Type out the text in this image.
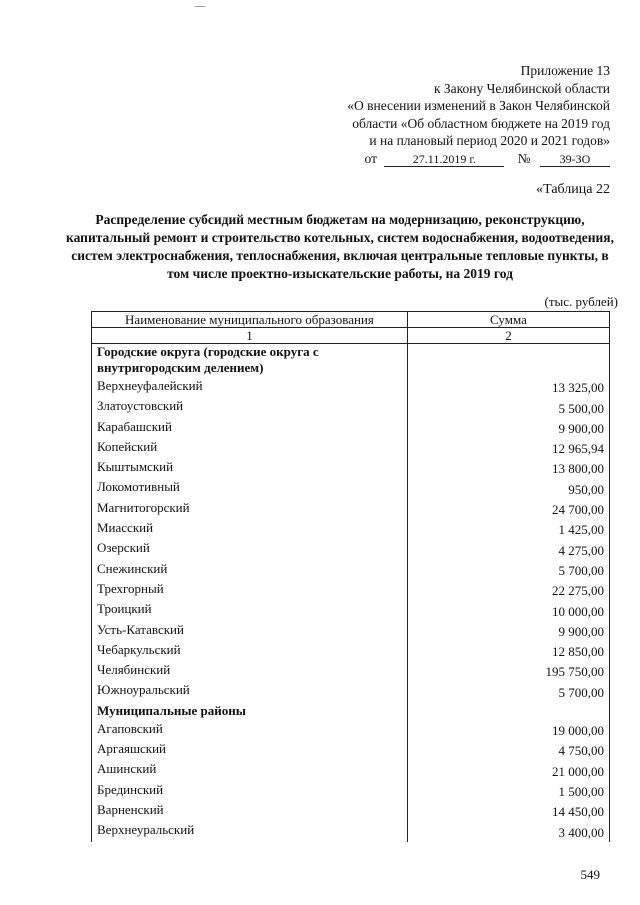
Приложение 13
к Закону Челябинской области
«О внесении изменений в Закон Челябинской
области «Об областном бюджете на 2019 год
и на плановый период 2020 и 2021 годов»
от	27.11.2019 г.	№ 39-ЗО
«Таблица 22
Распределение субсидий местным бюджетам на модернизацию, реконструкцию, капитальный ремонт и строительство котельных, систем водоснабжения, водоотведения, систем электроснабжения, теплоснабжения, включая центральные тепловые пункты, в том числе проектно-изыскательские работы, на 2019 год
(тыс. рублей)
Наименование муниципального образования	Сумма
1	2
Городские округа (городские округа с внутригородским делением)	
Верхнеуфалейский	13 325,00
Златоустовский	5 500,00
Карабашский	9 900,00
Копейский	12 965,94
Кыштымский	13 800,00
Локомотивный	950,00
Магнитогорский	24 700,00
Миасский	1 425,00
Озерский	4 275,00
Снежинский	5 700,00
Трехгорный	22 275,00
Троицкий	10 000,00
Усть-Катавский	9 900,00
Чебаркульский	12 850,00
Челябинский	195 750,00
Южноуральский	5 700,00
Муниципальные районы	
Агаповский	19 000,00
Аргаяшский	4 750,00
Ашинский	21 000,00
Брединский	1 500,00
Варненский	14 450,00
Верхнеуральский	3 400,00
549
